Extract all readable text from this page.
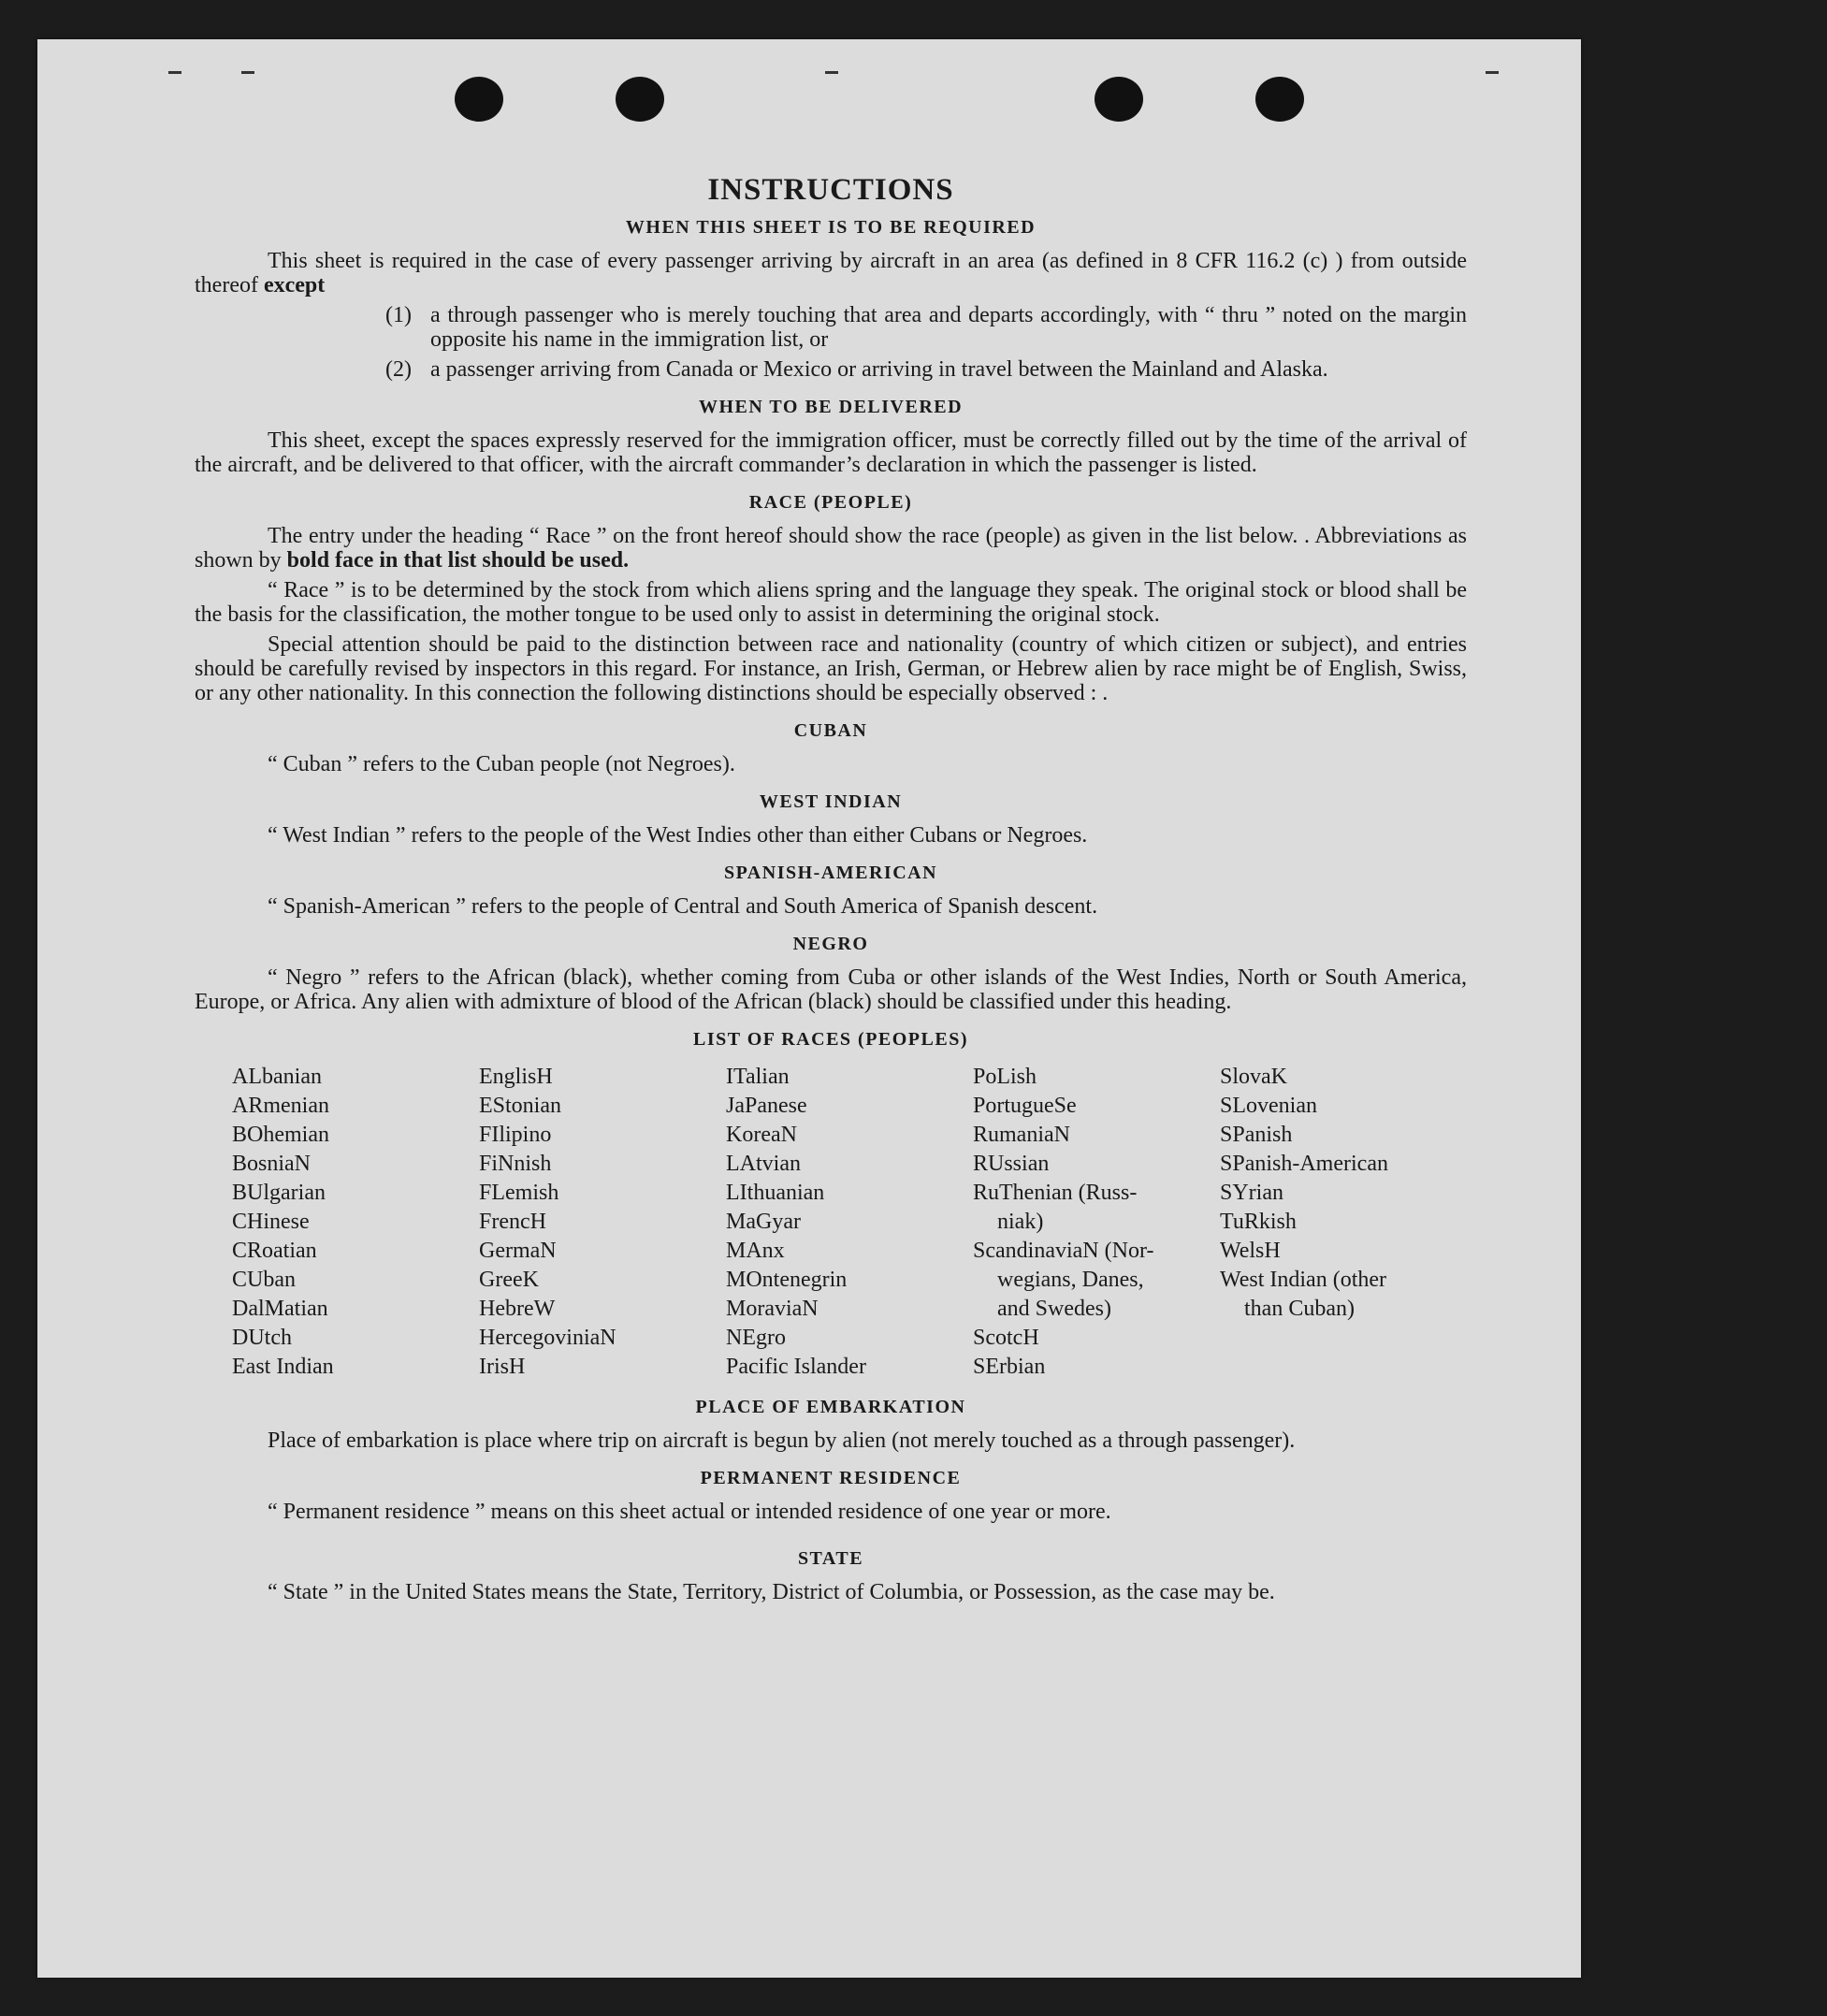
INSTRUCTIONS
WHEN THIS SHEET IS TO BE REQUIRED

This sheet is required in the case of every passenger arriving by aircraft in an area (as defined in 8 CFR 116.2 (c) ) from outside thereof except

(1) a through passenger who is merely touching that area and departs accordingly, with “ thru ” noted on the margin opposite his name in the immigration list, or
(2) a passenger arriving from Canada or Mexico or arriving in travel between the Mainland and Alaska.
WHEN TO BE DELIVERED

This sheet, except the spaces expressly reserved for the immigration officer, must be correctly filled out by the time of the arrival of the aircraft, and be delivered to that officer, with the aircraft commander’s declaration in which the passenger is listed.

RACE (PEOPLE)

The entry under the heading “ Race ” on the front hereof should show the race (people) as given in the list below. . Abbreviations as shown by bold face in that list should be used.

“ Race ” is to be determined by the stock from which aliens spring and the language they speak. The original stock or blood shall be the basis for the classification, the mother tongue to be used only to assist in determining the original stock.

Special attention should be paid to the distinction between race and nationality (country of which citizen or subject), and entries should be carefully revised by inspectors in this regard. For instance, an Irish, German, or Hebrew alien by race might be of English, Swiss, or any other nationality. In this connection the following distinctions should be especially observed : .

CUBAN

“ Cuban ” refers to the Cuban people (not Negroes).

WEST INDIAN

“ West Indian ” refers to the people of the West Indies other than either Cubans or Negroes.

SPANISH-AMERICAN

“ Spanish-American ” refers to the people of Central and South America of Spanish descent.

NEGRO

“ Negro ” refers to the African (black), whether coming from Cuba or other islands of the West Indies, North or South America, Europe, or Africa. Any alien with admixture of blood of the African (black) should be classified under this heading.

LIST OF RACES (PEOPLES)
ALbanian
ARmenian
BOhemian
BosniaN
BUlgarian
CHinese
CRoatian
CUban
DalMatian
DUtch
East Indian
EnglisH
EStonian
FIlipino
FiNnish
FLemish
FrencH
GermaN
GreeK
HebreW
HercegoviniaN
IrisH
ITalian
JaPanese
KoreaN
LAtvian
LIthuanian
MaGyar
MAnx
MOntenegrin
MoraviaN
NEgro
Pacific Islander
PoLish
PortugueSe
RumaniaN
RUssian
RuThenian (Russ-
niak)
ScandinaviaN (Nor-
wegians, Danes,
and Swedes)
ScotcH
SErbian
SlovaK
SLovenian
SPanish
SPanish-American
SYrian
TuRkish
WelsH
West Indian (other
than Cuban)
PLACE OF EMBARKATION

Place of embarkation is place where trip on aircraft is begun by alien (not merely touched as a through passenger).

PERMANENT RESIDENCE

“ Permanent residence ” means on this sheet actual or intended residence of one year or more.

STATE

“ State ” in the United States means the State, Territory, District of Columbia, or Possession, as the case may be.
